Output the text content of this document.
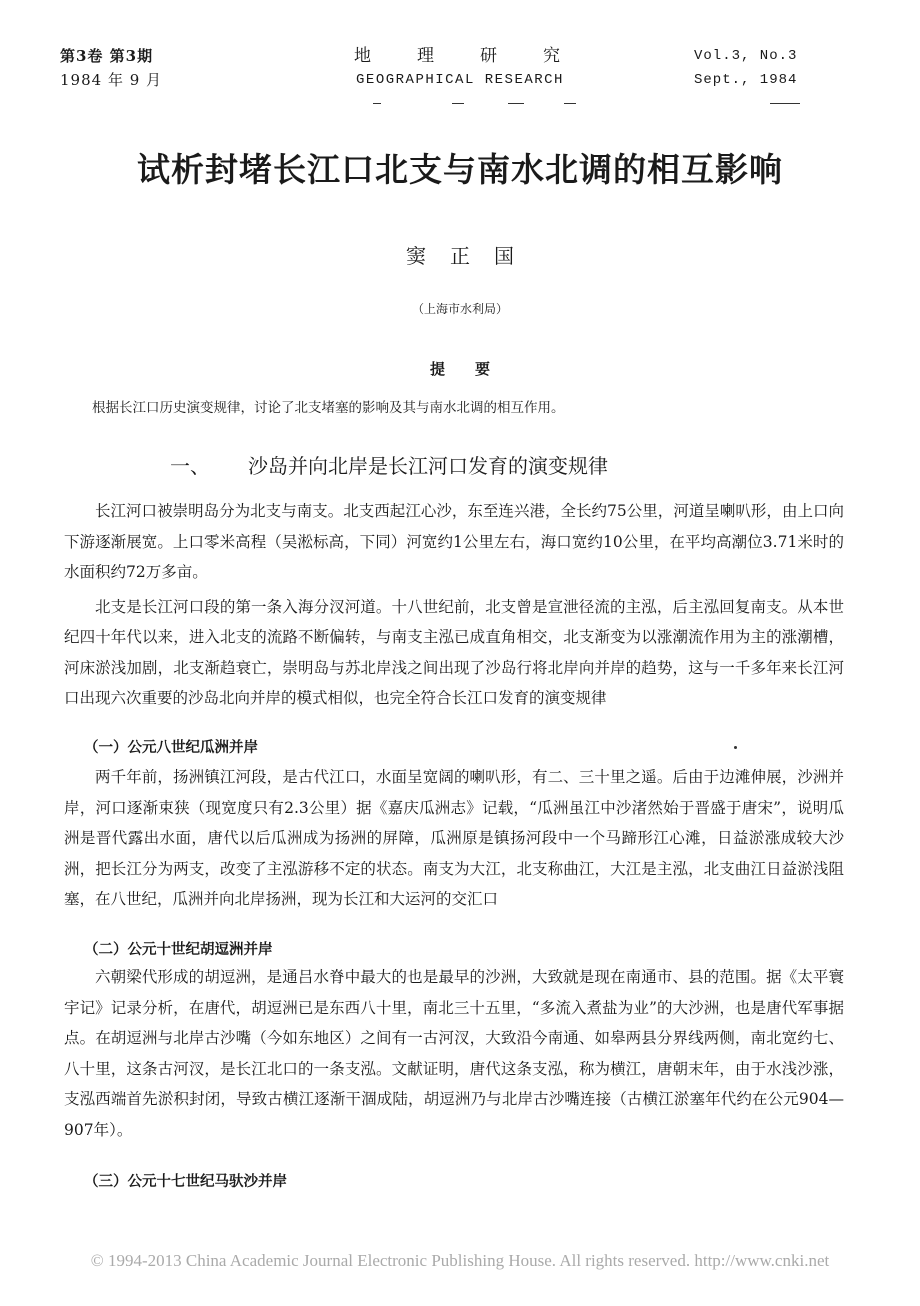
第3卷 第3期
1984 年 9 月
地理研究
GEOGRAPHICAL RESEARCH
Vol.3, No.3
Sept., 1984
试析封堵长江口北支与南水北调的相互影响
窦正国
（上海市水利局）
提要
根据长江口历史演变规律，讨论了北支堵塞的影响及其与南水北调的相互作用。
一、 沙岛并向北岸是长江河口发育的演变规律

长江河口被崇明岛分为北支与南支。北支西起江心沙，东至连兴港，全长约75公里，河道呈喇叭形，由上口向下游逐渐展宽。上口零米高程（吴淞标高，下同）河宽约1公里左右，海口宽约10公里，在平均高潮位3.71米时的水面积约72万多亩。

北支是长江河口段的第一条入海分汊河道。十八世纪前，北支曾是宣泄径流的主泓，后主泓回复南支。从本世纪四十年代以来，进入北支的流路不断偏转，与南支主泓已成直角相交，北支渐变为以涨潮流作用为主的涨潮槽，河床淤浅加剧，北支渐趋衰亡，崇明岛与苏北岸浅之间出现了沙岛行将北岸向并岸的趋势，这与一千多年来长江河口出现六次重要的沙岛北向并岸的模式相似，也完全符合长江口发育的演变规律

（一）公元八世纪瓜洲并岸

两千年前，扬洲镇江河段，是古代江口，水面呈宽阔的喇叭形，有二、三十里之遥。后由于边滩伸展，沙洲并岸，河口逐渐束狭（现宽度只有2.3公里）据《嘉庆瓜洲志》记载，“瓜洲虽江中沙渚然始于晋盛于唐宋”，说明瓜洲是晋代露出水面，唐代以后瓜洲成为扬洲的屏障，瓜洲原是镇扬河段中一个马蹄形江心滩，日益淤涨成较大沙洲，把长江分为两支，改变了主泓游移不定的状态。南支为大江，北支称曲江，大江是主泓，北支曲江日益淤浅阻塞，在八世纪，瓜洲并向北岸扬洲，现为长江和大运河的交汇口

（二）公元十世纪胡逗洲并岸

六朝梁代形成的胡逗洲，是通吕水脊中最大的也是最早的沙洲，大致就是现在南通市、县的范围。据《太平寰宇记》记录分析，在唐代，胡逗洲已是东西八十里，南北三十五里，“多流入煮盐为业”的大沙洲，也是唐代军事据点。在胡逗洲与北岸古沙嘴（今如东地区）之间有一古河汊，大致沿今南通、如皋两县分界线两侧，南北宽约七、八十里，这条古河汊，是长江北口的一条支泓。文献证明，唐代这条支泓，称为横江，唐朝末年，由于水浅沙涨，支泓西端首先淤积封闭，导致古横江逐渐干涸成陆，胡逗洲乃与北岸古沙嘴连接（古横江淤塞年代约在公元904—907年）。

（三）公元十七世纪马驮沙并岸
© 1994-2013 China Academic Journal Electronic Publishing House. All rights reserved. http://www.cnki.net
